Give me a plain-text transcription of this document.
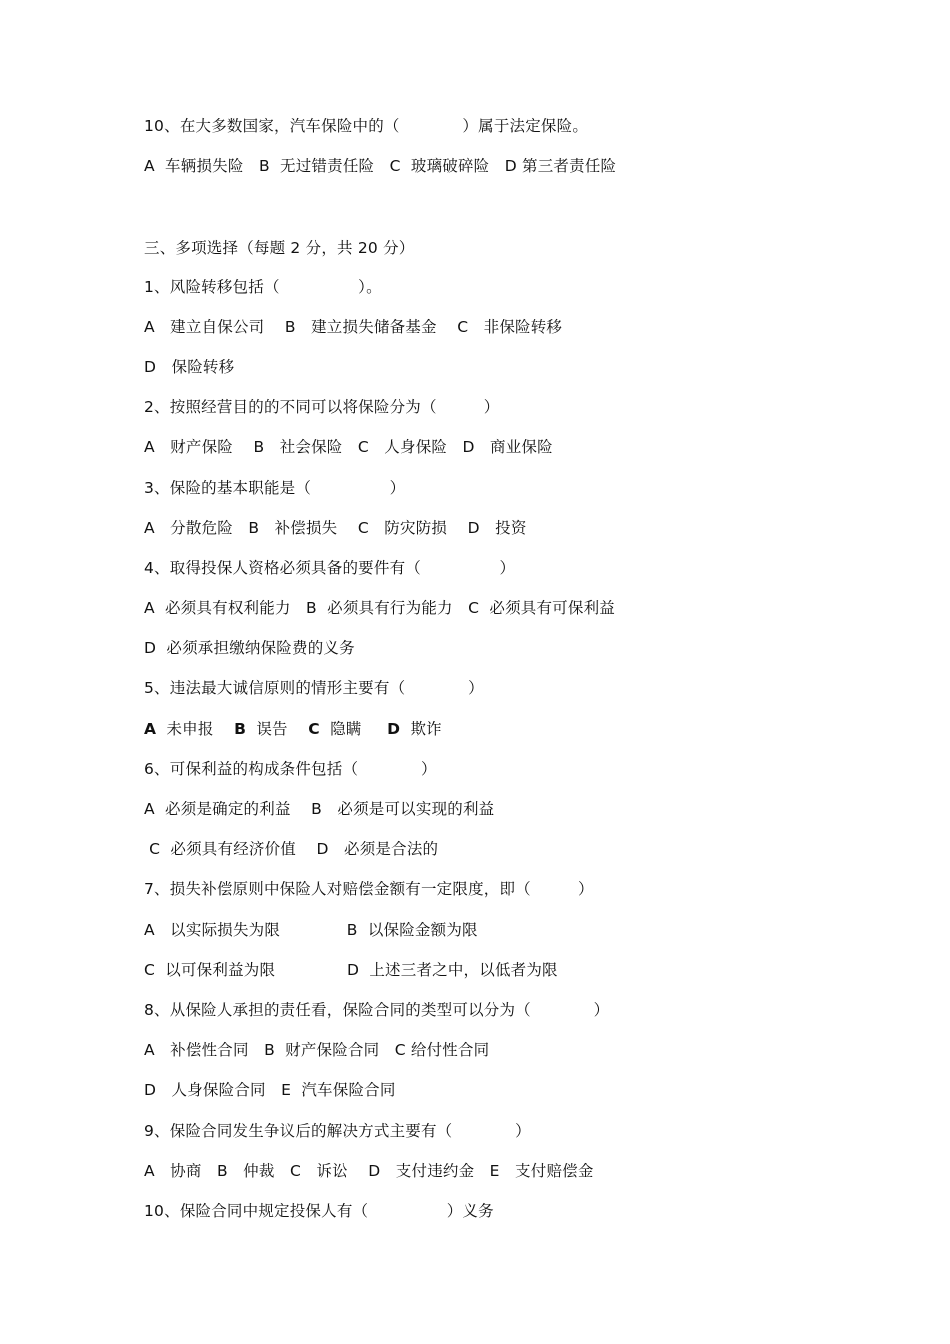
10、在大多数国家，汽车保险中的（　　　　）属于法定保险。
A  车辆损失险   B  无过错责任险   C  玻璃破碎险   D 第三者责任险
三、多项选择（每题 2 分，共 20 分）
1、风险转移包括（　　　　　）。
A   建立自保公司    B   建立损失储备基金    C   非保险转移
D   保险转移
2、按照经营目的的不同可以将保险分为（　　　）
A   财产保险    B   社会保险   C   人身保险   D   商业保险
3、保险的基本职能是（　　　　　）
A   分散危险   B   补偿损失    C   防灾防损    D   投资
4、取得投保人资格必须具备的要件有（　　　　　）
A  必须具有权利能力   B  必须具有行为能力   C  必须具有可保利益
D  必须承担缴纳保险费的义务
5、违法最大诚信原则的情形主要有（　　　　）
A  未申报    B  误告    C  隐瞒     D  欺诈
6、可保利益的构成条件包括（　　　　）
A  必须是确定的利益    B   必须是可以实现的利益
C  必须具有经济价值    D   必须是合法的
7、损失补偿原则中保险人对赔偿金额有一定限度，即（　　　）
A   以实际损失为限             B  以保险金额为限
C  以可保利益为限              D  上述三者之中，以低者为限
8、从保险人承担的责任看，保险合同的类型可以分为（　　　　）
A   补偿性合同   B  财产保险合同   C 给付性合同
D   人身保险合同   E  汽车保险合同
9、保险合同发生争议后的解决方式主要有（　　　　）
A   协商   B   仲裁   C   诉讼    D   支付违约金   E   支付赔偿金
10、保险合同中规定投保人有（　　　　　）义务
